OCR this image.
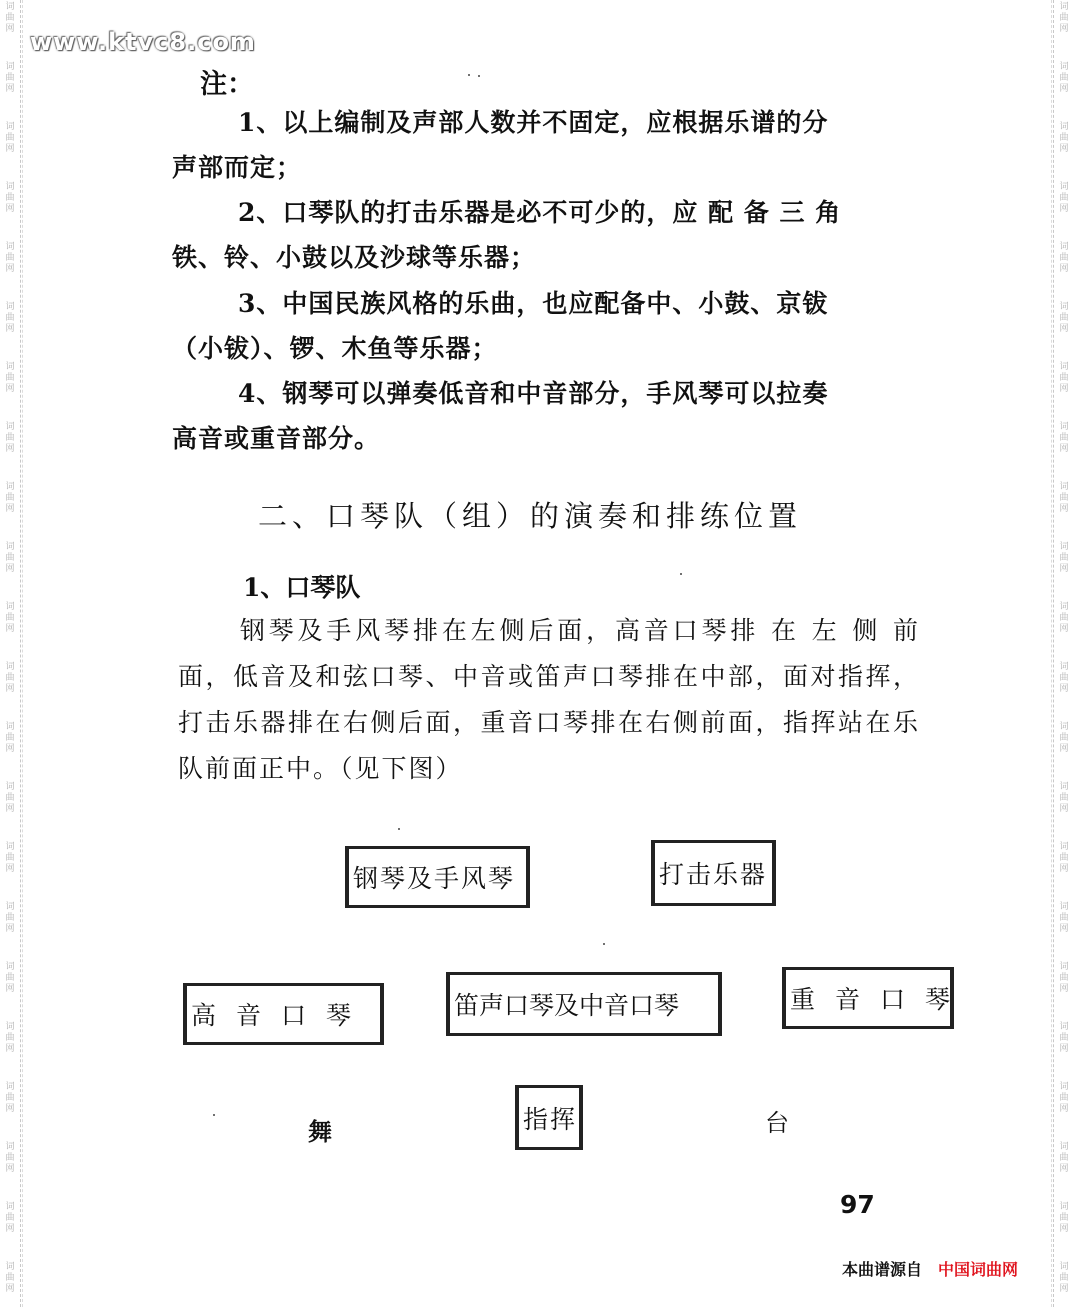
词曲网
词曲网
词曲网
词曲网
词曲网
词曲网
词曲网
词曲网
词曲网
词曲网
词曲网
词曲网
词曲网
词曲网
词曲网
词曲网
词曲网
词曲网
词曲网
词曲网
词曲网
词曲网
词曲网
词曲网
词曲网
词曲网
词曲网
词曲网
词曲网
词曲网
词曲网
词曲网
词曲网
词曲网
词曲网
词曲网
词曲网
词曲网
词曲网
词曲网
词曲网
词曲网
词曲网
词曲网
www.ktvc8.com
注：
1、以上编制及声部人数并不固定，应根据乐谱的分
声部而定；
2、口琴队的打击乐器是必不可少的，应 配 备 三 角
铁、铃、小鼓以及沙球等乐器；
3、中国民族风格的乐曲，也应配备中、小鼓、京钹
（小钹）、锣、木鱼等乐器；
4、钢琴可以弹奏低音和中音部分，手风琴可以拉奏
高音或重音部分。
二、口琴队（组）的演奏和排练位置
1、口琴队
钢琴及手风琴排在左侧后面，高音口琴排 在 左 侧 前面，低音及和弦口琴、中音或笛声口琴排在中部，面对指挥，打击乐器排在右侧后面，重音口琴排在右侧前面，指挥站在乐队前面正中。（见下图）
钢琴及手风琴	打击乐器
高音口琴	笛声口琴及中音口琴	重音口琴
指挥
舞	台
97
本曲谱源自 中国词曲网
